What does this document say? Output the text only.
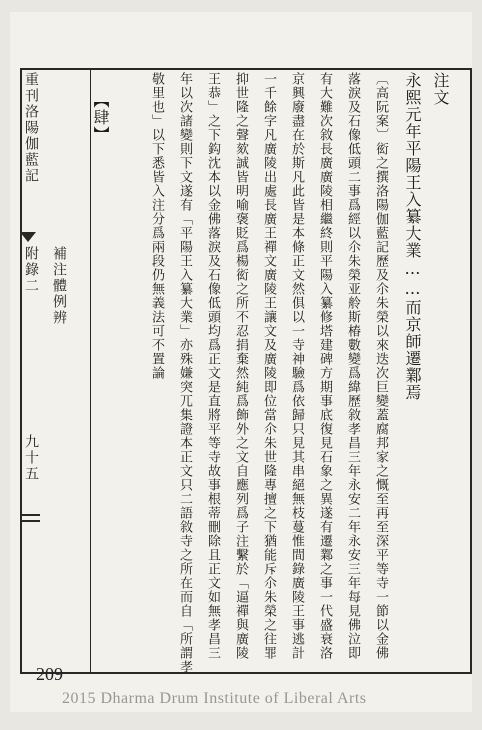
重刊洛陽伽藍記
附錄二 補注體例辨
九十五
注文
永熙元年平陽王入纂大業……而京師遷鄴焉
〔高阮案〕衒之撰洛陽伽藍記歷及尒朱榮以來迭次巨變蓋腐邦家之慨至再至深平等寺一節以金佛
落淚及石像低頭二事爲經以尒朱榮亚舲斯椿數變爲緯歷敘孝昌三年永安二年永安三年每見佛泣即
有大難次敘長廣廣陵相繼終則平陽入纂修塔建碑方期事底復見石象之異遂有遷鄴之事一代盛衰洛
京興廢盡在於斯凡此皆是本條正文然俱以一寺神驗爲依歸只見其串絕無枝蔓惟間錄廣陵王事逃計
一千餘字凡廣陵出處長廣王禪文廣陵王讓文及廣陵即位當尒朱世隆專擅之下猶能斥尒朱榮之往罪
抑世隆之聲欬誠皆明喻褒貶爲楊衒之所不忍捐棄然純爲飾外之文自應列爲子注繫於「逼禪與廣陵
王恭」之下鈎沈本以金佛落淚及石像低頭均爲正文是直將平等寺故事根蒂刪除且正文如無孝昌三
年以次諸變則下文遂有「平陽王入纂大業」亦殊嫌突兀集證本正文只二語敘寺之所在而自「所謂孝
敬里也」以下悉皆入注分爲兩段仍無義法可不置論
【肆】
209
2015 Dharma Drum Institute of Liberal Arts
